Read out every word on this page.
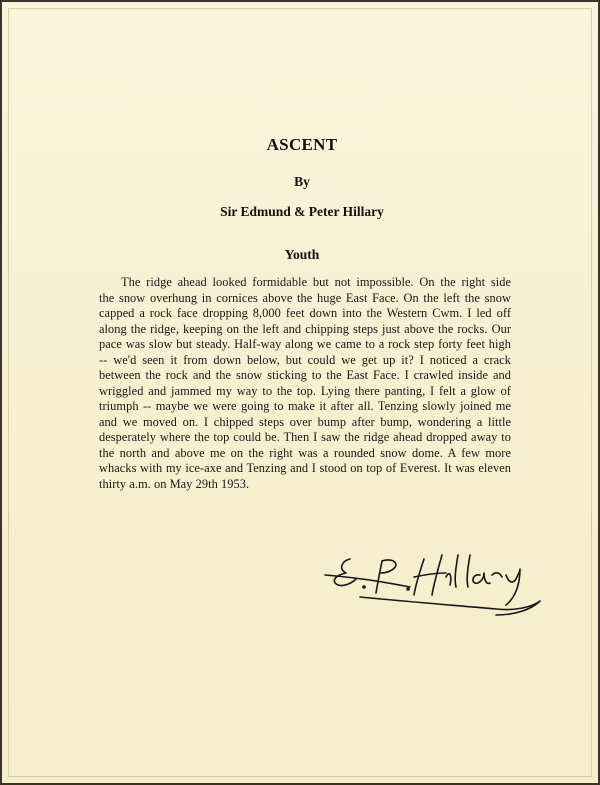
ASCENT
By
Sir Edmund & Peter Hillary
Youth
The ridge ahead looked formidable but not impossible. On the right side
the snow overhung in cornices above the huge East Face. On the left the snow
capped a rock face dropping 8,000 feet down into the Western Cwm. I led off
along the ridge, keeping on the left and chipping steps just above the rocks. Our
pace was slow but steady. Half-way along we came to a rock step forty feet high
-- we'd seen it from down below, but could we get up it? I noticed a crack
between the rock and the snow sticking to the East Face. I crawled inside and
wriggled and jammed my way to the top. Lying there panting, I felt a glow of
triumph -- maybe we were going to make it after all. Tenzing slowly joined me
and we moved on. I chipped steps over bump after bump, wondering a little
desperately where the top could be. Then I saw the ridge ahead dropped away to
the north and above me on the right was a rounded snow dome. A few more
whacks with my ice-axe and Tenzing and I stood on top of Everest. It was eleven
thirty a.m. on May 29th 1953.
